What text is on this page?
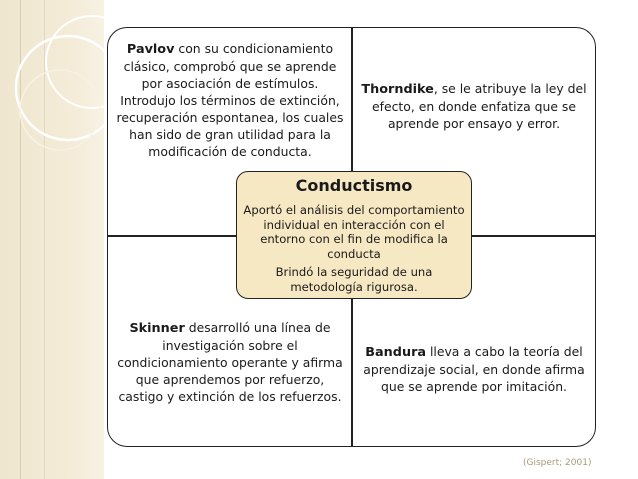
Pavlov con su condicionamiento clásico, comprobó que se aprende por asociación de estímulos. Introdujo los términos de extinción, recuperación espontanea, los cuales han sido de gran utilidad para la modificación de conducta.
Thorndike, se le atribuye la ley del efecto, en donde enfatiza que se aprende por ensayo y error.
Skinner desarrolló una línea de investigación sobre el condicionamiento operante y afirma que aprendemos por refuerzo, castigo y extinción de los refuerzos.
Bandura lleva a cabo la teoría del aprendizaje social, en donde afirma que se aprende por imitación.
Conductismo
Aportó el análisis del comportamiento individual en interacción con el entorno con el fin de modifica la conducta
Brindó la seguridad de una metodología rigurosa.
(Gispert; 2001)
